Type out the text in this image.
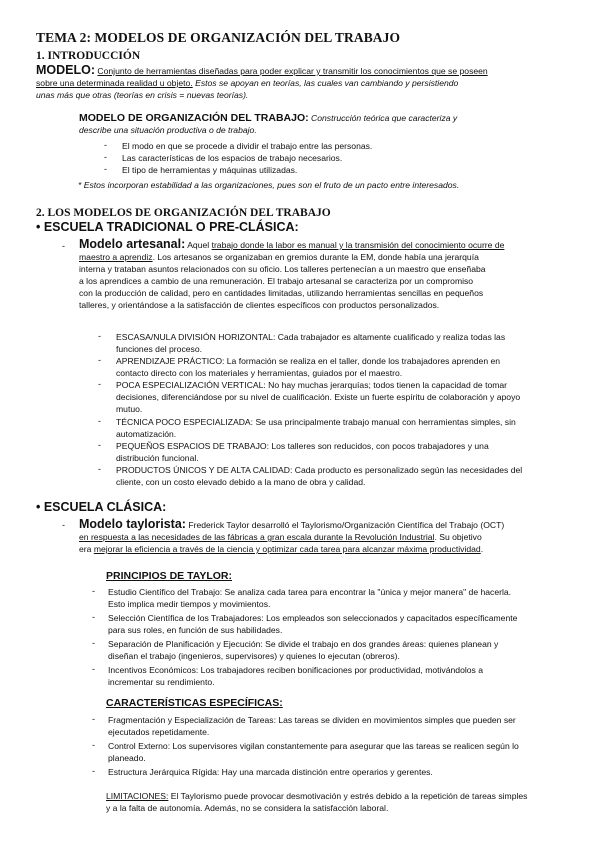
TEMA 2: MODELOS DE ORGANIZACIÓN DEL TRABAJO
1. INTRODUCCIÓN
MODELO: Conjunto de herramientas diseñadas para poder explicar y transmitir los conocimientos que se poseen
sobre una determinada realidad u objeto. Estos se apoyan en teorías, las cuales van cambiando y persistiendo
unas más que otras (teorías en crisis = nuevas teorías).
MODELO DE ORGANIZACIÓN DEL TRABAJO: Construcción teórica que caracteriza y
describe una situación productiva o de trabajo.
-	El modo en que se procede a dividir el trabajo entre las personas.
-	Las características de los espacios de trabajo necesarios.
-	El tipo de herramientas y máquinas utilizadas.
* Estos incorporan estabilidad a las organizaciones, pues son el fruto de un pacto entre interesados.
2. LOS MODELOS DE ORGANIZACIÓN DEL TRABAJO
• ESCUELA TRADICIONAL O PRE-CLÁSICA:
-	Modelo artesanal: Aquel trabajo donde la labor es manual y la transmisión del conocimiento ocurre de
maestro a aprendiz. Los artesanos se organizaban en gremios durante la EM, donde había una jerarquía
interna y trataban asuntos relacionados con su oficio. Los talleres pertenecían a un maestro que enseñaba
a los aprendices a cambio de una remuneración. El trabajo artesanal se caracteriza por un compromiso
con la producción de calidad, pero en cantidades limitadas, utilizando herramientas sencillas en pequeños
talleres, y orientándose a la satisfacción de clientes específicos con productos personalizados.
-	ESCASA/NULA DIVISIÓN HORIZONTAL: Cada trabajador es altamente cualificado y realiza todas las
funciones del proceso.
-	APRENDIZAJE PRÁCTICO: La formación se realiza en el taller, donde los trabajadores aprenden en
contacto directo con los materiales y herramientas, guiados por el maestro.
-	POCA ESPECIALIZACIÓN VERTICAL: No hay muchas jerarquías; todos tienen la capacidad de tomar
decisiones, diferenciándose por su nivel de cualificación. Existe un fuerte espíritu de colaboración y apoyo
mutuo.
-	TÉCNICA POCO ESPECIALIZADA: Se usa principalmente trabajo manual con herramientas simples, sin
automatización.
-	PEQUEÑOS ESPACIOS DE TRABAJO: Los talleres son reducidos, con pocos trabajadores y una
distribución funcional.
-	PRODUCTOS ÚNICOS Y DE ALTA CALIDAD: Cada producto es personalizado según las necesidades del
cliente, con un costo elevado debido a la mano de obra y calidad.
• ESCUELA CLÁSICA:
-	Modelo taylorista: Frederick Taylor desarrolló el Taylorismo/Organización Científica del Trabajo (OCT)
en respuesta a las necesidades de las fábricas a gran escala durante la Revolución Industrial. Su objetivo
era mejorar la eficiencia a través de la ciencia y optimizar cada tarea para alcanzar máxima productividad.
PRINCIPIOS DE TAYLOR:
-	Estudio Científico del Trabajo: Se analiza cada tarea para encontrar la "única y mejor manera" de hacerla.
Esto implica medir tiempos y movimientos.
-	Selección Científica de los Trabajadores: Los empleados son seleccionados y capacitados específicamente
para sus roles, en función de sus habilidades.
-	Separación de Planificación y Ejecución: Se divide el trabajo en dos grandes áreas: quienes planean y
diseñan el trabajo (ingenieros, supervisores) y quienes lo ejecutan (obreros).
-	Incentivos Económicos: Los trabajadores reciben bonificaciones por productividad, motivándolos a
incrementar su rendimiento.
CARACTERÍSTICAS ESPECÍFICAS:
-	Fragmentación y Especialización de Tareas: Las tareas se dividen en movimientos simples que pueden ser
ejecutados repetidamente.
-	Control Externo: Los supervisores vigilan constantemente para asegurar que las tareas se realicen según lo
planeado.
-	Estructura Jerárquica Rígida: Hay una marcada distinción entre operarios y gerentes.
LIMITACIONES: El Taylorismo puede provocar desmotivación y estrés debido a la repetición de tareas simples
y a la falta de autonomía. Además, no se considera la satisfacción laboral.
